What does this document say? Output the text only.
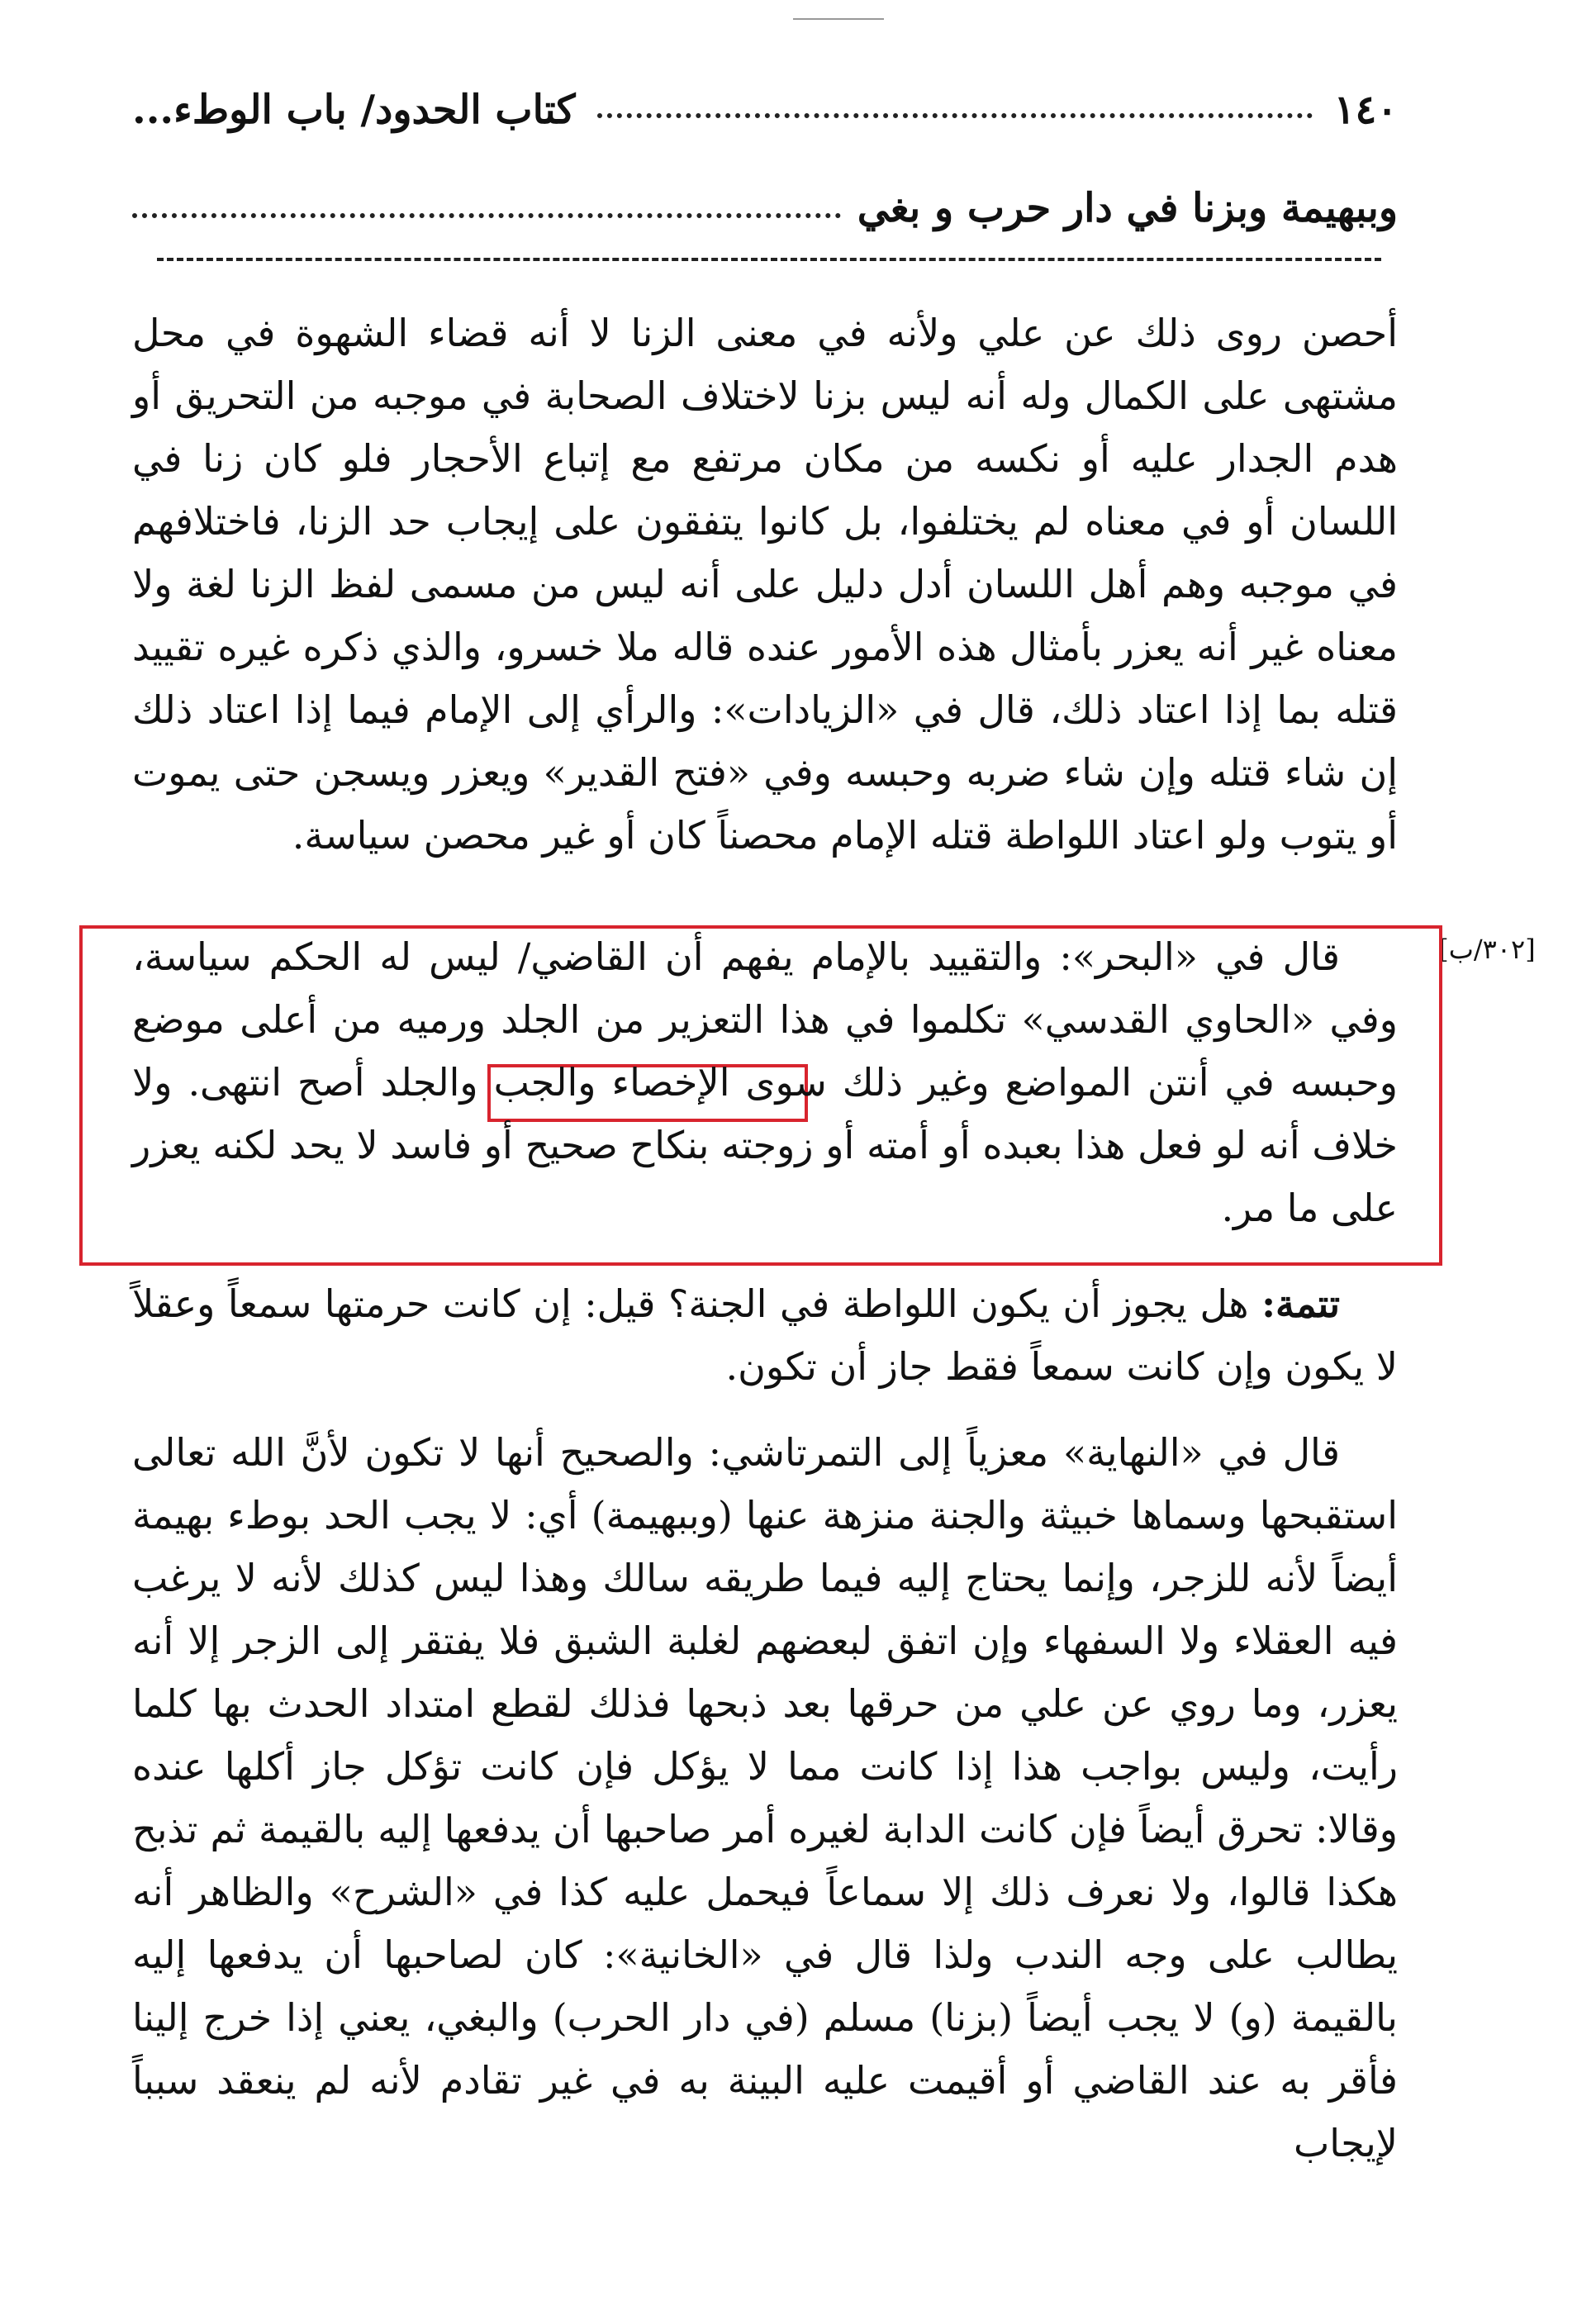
١٤٠
كتاب الحدود/ باب الوطء...
وببهيمة وبزنا في دار حرب و بغي
أحصن روى ذلك عن علي ولأنه في معنى الزنا لا أنه قضاء الشهوة في محل مشتهى على الكمال وله أنه ليس بزنا لاختلاف الصحابة في موجبه من التحريق أو هدم الجدار عليه أو نكسه من مكان مرتفع مع إتباع الأحجار فلو كان زنا في اللسان أو في معناه لم يختلفوا، بل كانوا يتفقون على إيجاب حد الزنا، فاختلافهم في موجبه وهم أهل اللسان أدل دليل على أنه ليس من مسمى لفظ الزنا لغة ولا معناه غير أنه يعزر بأمثال هذه الأمور عنده قاله ملا خسرو، والذي ذكره غيره تقييد قتله بما إذا اعتاد ذلك، قال في «الزيادات»: والرأي إلى الإمام فيما إذا اعتاد ذلك إن شاء قتله وإن شاء ضربه وحبسه وفي «فتح القدير» ويعزر ويسجن حتى يموت أو يتوب ولو اعتاد اللواطة قتله الإمام محصناً كان أو غير محصن سياسة.
[٣٠٢/ب]
قال في «البحر»: والتقييد بالإمام يفهم أن القاضي/ ليس له الحكم سياسة، وفي «الحاوي القدسي» تكلموا في هذا التعزير من الجلد ورميه من أعلى موضع وحبسه في أنتن المواضع وغير ذلك سوى الإخصاء والجب والجلد أصح انتهى. ولا خلاف أنه لو فعل هذا بعبده أو أمته أو زوجته بنكاح صحيح أو فاسد لا يحد لكنه يعزر على ما مر.
تتمة: هل يجوز أن يكون اللواطة في الجنة؟ قيل: إن كانت حرمتها سمعاً وعقلاً لا يكون وإن كانت سمعاً فقط جاز أن تكون.
قال في «النهاية» معزياً إلى التمرتاشي: والصحيح أنها لا تكون لأنَّ الله تعالى استقبحها وسماها خبيثة والجنة منزهة عنها (وببهيمة) أي: لا يجب الحد بوطء بهيمة أيضاً لأنه للزجر، وإنما يحتاج إليه فيما طريقه سالك وهذا ليس كذلك لأنه لا يرغب فيه العقلاء ولا السفهاء وإن اتفق لبعضهم لغلبة الشبق فلا يفتقر إلى الزجر إلا أنه يعزر، وما روي عن علي من حرقها بعد ذبحها فذلك لقطع امتداد الحدث بها كلما رأيت، وليس بواجب هذا إذا كانت مما لا يؤكل فإن كانت تؤكل جاز أكلها عنده وقالا: تحرق أيضاً فإن كانت الدابة لغيره أمر صاحبها أن يدفعها إليه بالقيمة ثم تذبح هكذا قالوا، ولا نعرف ذلك إلا سماعاً فيحمل عليه كذا في «الشرح» والظاهر أنه يطالب على وجه الندب ولذا قال في «الخانية»: كان لصاحبها أن يدفعها إليه بالقيمة (و) لا يجب أيضاً (بزنا) مسلم (في دار الحرب) والبغي، يعني إذا خرج إلينا فأقر به عند القاضي أو أقيمت عليه البينة به في غير تقادم لأنه لم ينعقد سبباً لإيجاب
